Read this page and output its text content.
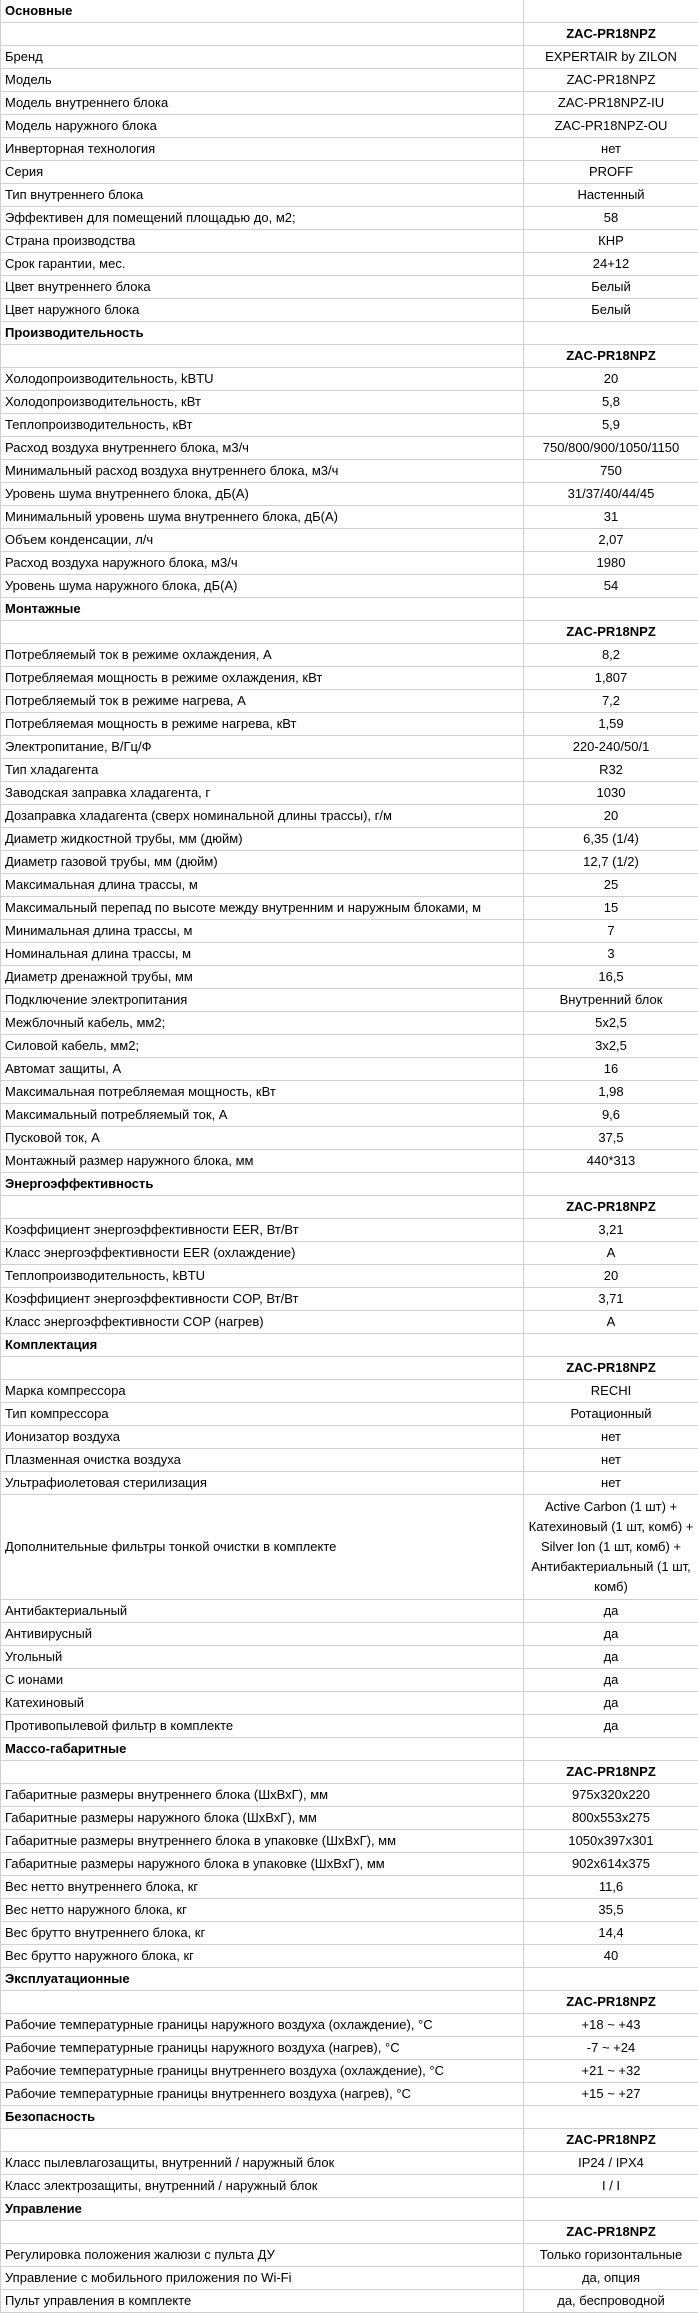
Основные	
	ZAC-PR18NPZ
Бренд	EXPERTAIR by ZILON
Модель	ZAC-PR18NPZ
Модель внутреннего блока	ZAC-PR18NPZ-IU
Модель наружного блока	ZAC-PR18NPZ-OU
Инверторная технология	нет
Серия	PROFF
Тип внутреннего блока	Настенный
Эффективен для помещений площадью до, м2;	58
Страна производства	КНР
Срок гарантии, мес.	24+12
Цвет внутреннего блока	Белый
Цвет наружного блока	Белый
Производительность	
	ZAC-PR18NPZ
Холодопроизводительность, kBTU	20
Холодопроизводительность, кВт	5,8
Теплопроизводительность, кВт	5,9
Расход воздуха внутреннего блока, м3/ч	750/800/900/1050/1150
Минимальный расход воздуха внутреннего блока, м3/ч	750
Уровень шума внутреннего блока, дБ(А)	31/37/40/44/45
Минимальный уровень шума внутреннего блока, дБ(А)	31
Объем конденсации, л/ч	2,07
Расход воздуха наружного блока, м3/ч	1980
Уровень шума наружного блока, дБ(А)	54
Монтажные	
	ZAC-PR18NPZ
Потребляемый ток в режиме охлаждения, А	8,2
Потребляемая мощность в режиме охлаждения, кВт	1,807
Потребляемый ток в режиме нагрева, А	7,2
Потребляемая мощность в режиме нагрева, кВт	1,59
Электропитание, В/Гц/Ф	220-240/50/1
Тип хладагента	R32
Заводская заправка хладагента, г	1030
Дозаправка хладагента (сверх номинальной длины трассы), г/м	20
Диаметр жидкостной трубы, мм (дюйм)	6,35 (1/4)
Диаметр газовой трубы, мм (дюйм)	12,7 (1/2)
Максимальная длина трассы, м	25
Максимальный перепад по высоте между внутренним и наружным блоками, м	15
Минимальная длина трассы, м	7
Номинальная длина трассы, м	3
Диаметр дренажной трубы, мм	16,5
Подключение электропитания	Внутренний блок
Межблочный кабель, мм2;	5х2,5
Силовой кабель, мм2;	3х2,5
Автомат защиты, А	16
Максимальная потребляемая мощность, кВт	1,98
Максимальный потребляемый ток, А	9,6
Пусковой ток, А	37,5
Монтажный размер наружного блока, мм	440*313
Энергоэффективность	
	ZAC-PR18NPZ
Коэффициент энергоэффективности EER, Вт/Вт	3,21
Класс энергоэффективности EER (охлаждение)	A
Теплопроизводительность, kBTU	20
Коэффициент энергоэффективности COP, Вт/Вт	3,71
Класс энергоэффективности COP (нагрев)	A
Комплектация	
	ZAC-PR18NPZ
Марка компрессора	RECHI
Тип компрессора	Ротационный
Ионизатор воздуха	нет
Плазменная очистка воздуха	нет
Ультрафиолетовая стерилизация	нет
Дополнительные фильтры тонкой очистки в комплекте	Active Carbon (1 шт) + Катехиновый (1 шт, комб) + Silver Ion (1 шт, комб) + Антибактериальный (1 шт, комб)
Антибактериальный	да
Антивирусный	да
Угольный	да
С ионами	да
Катехиновый	да
Противопылевой фильтр в комплекте	да
Массо-габаритные	
	ZAC-PR18NPZ
Габаритные размеры внутреннего блока (ШхВхГ), мм	975x320x220
Габаритные размеры наружного блока (ШхВхГ), мм	800x553x275
Габаритные размеры внутреннего блока в упаковке (ШхВхГ), мм	1050x397x301
Габаритные размеры наружного блока в упаковке (ШхВхГ), мм	902x614x375
Вес нетто внутреннего блока, кг	11,6
Вес нетто наружного блока, кг	35,5
Вес брутто внутреннего блока, кг	14,4
Вес брутто наружного блока, кг	40
Эксплуатационные	
	ZAC-PR18NPZ
Рабочие температурные границы наружного воздуха (охлаждение), °C	+18 ~ +43
Рабочие температурные границы наружного воздуха (нагрев), °C	-7 ~ +24
Рабочие температурные границы внутреннего воздуха (охлаждение), °C	+21 ~ +32
Рабочие температурные границы внутреннего воздуха (нагрев), °C	+15 ~ +27
Безопасность	
	ZAC-PR18NPZ
Класс пылевлагозащиты, внутренний / наружный блок	IP24 / IPX4
Класс электрозащиты, внутренний / наружный блок	I / I
Управление	
	ZAC-PR18NPZ
Регулировка положения жалюзи с пульта ДУ	Только горизонтальные
Управление с мобильного приложения по Wi-Fi	да, опция
Пульт управления в комплекте	да, беспроводной
